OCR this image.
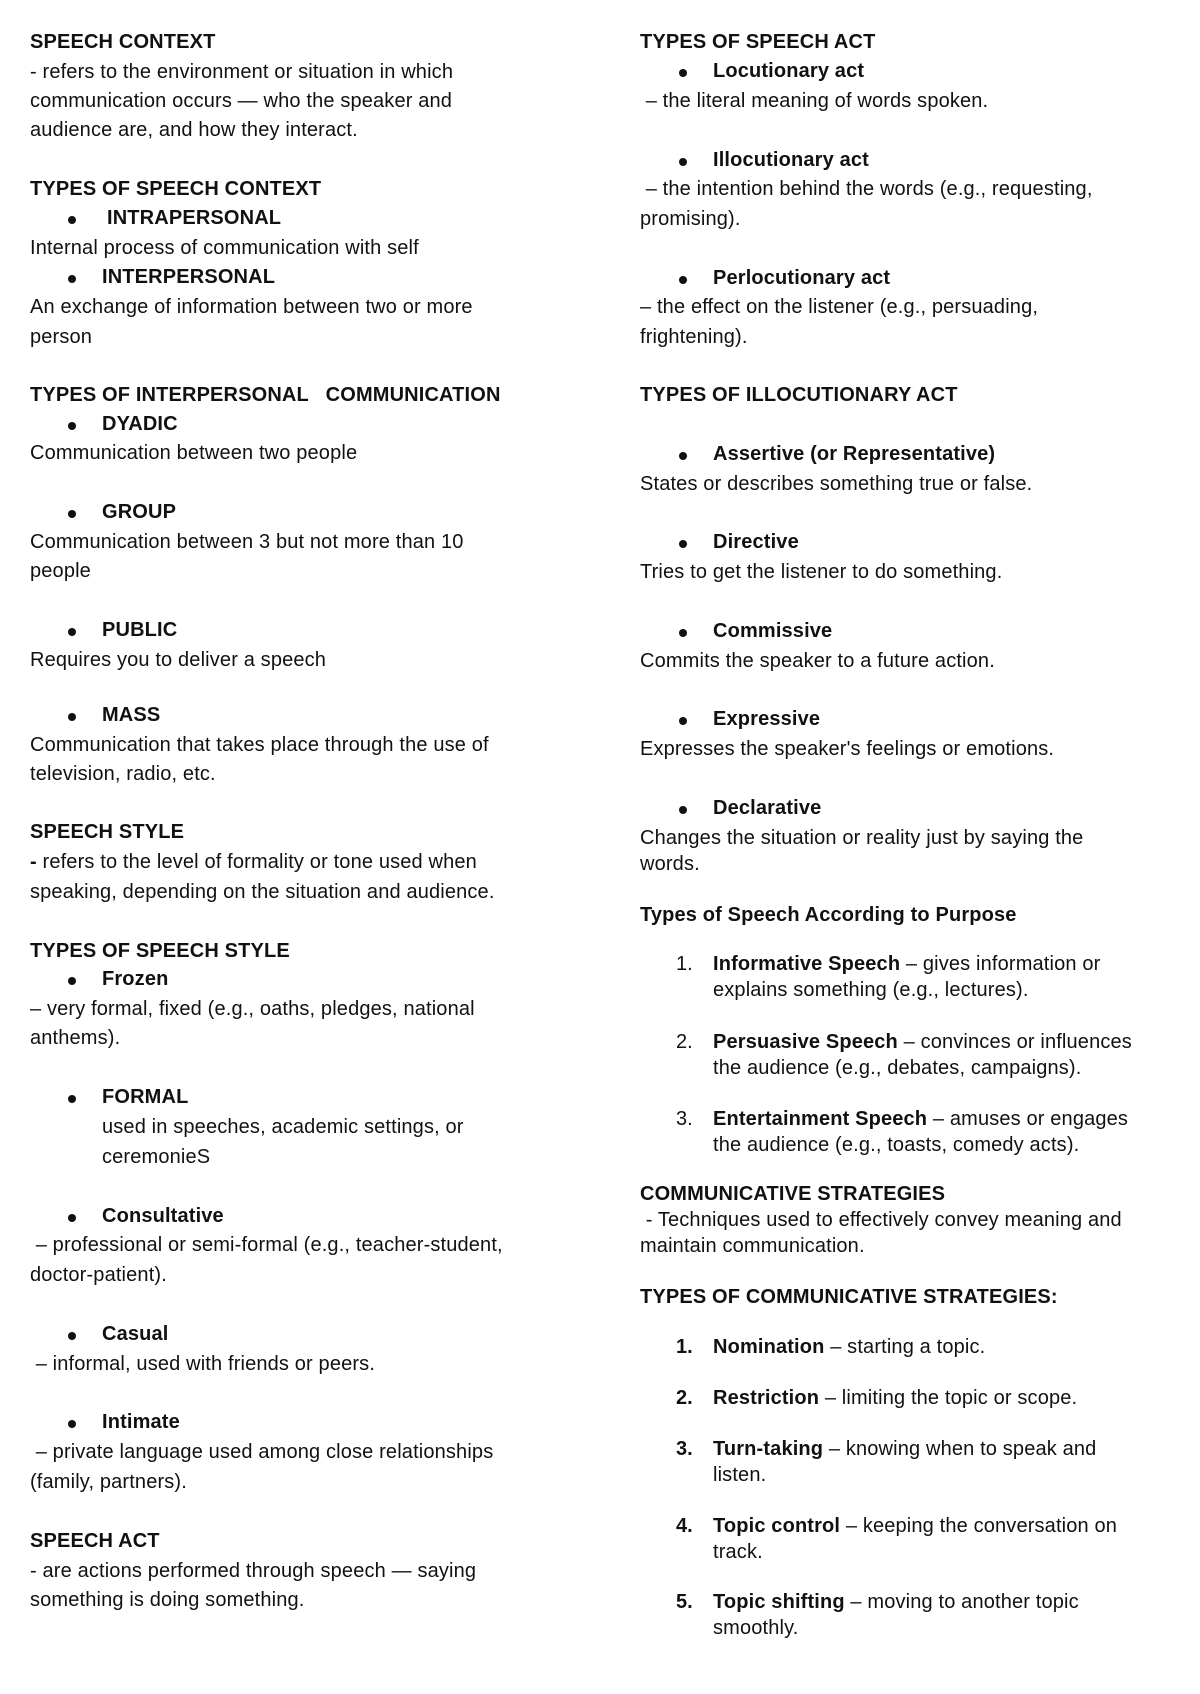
SPEECH CONTEXT
- refers to the environment or situation in which
communication occurs — who the speaker and
audience are, and how they interact.
TYPES OF SPEECH CONTEXT
INTRAPERSONAL
Internal process of communication with self
INTERPERSONAL
An exchange of information between two or more
person
TYPES OF INTERPERSONAL   COMMUNICATION
DYADIC
Communication between two people
GROUP
Communication between 3 but not more than 10
people
PUBLIC
Requires you to deliver a speech
MASS
Communication that takes place through the use of
television, radio, etc.
SPEECH STYLE
- refers to the level of formality or tone used when
speaking, depending on the situation and audience.
TYPES OF SPEECH STYLE
Frozen
– very formal, fixed (e.g., oaths, pledges, national
anthems).
FORMAL
used in speeches, academic settings, or
ceremonieS
Consultative
– professional or semi-formal (e.g., teacher-student,
doctor-patient).
Casual
– informal, used with friends or peers.
Intimate
– private language used among close relationships
(family, partners).
SPEECH ACT
- are actions performed through speech — saying
something is doing something.
TYPES OF SPEECH ACT
Locutionary act
– the literal meaning of words spoken.
Illocutionary act
– the intention behind the words (e.g., requesting,
promising).
Perlocutionary act
– the effect on the listener (e.g., persuading,
frightening).
TYPES OF ILLOCUTIONARY ACT
Assertive (or Representative)
States or describes something true or false.
Directive
Tries to get the listener to do something.
Commissive
Commits the speaker to a future action.
Expressive
Expresses the speaker's feelings or emotions.
Declarative
Changes the situation or reality just by saying the
words.
Types of Speech According to Purpose
1. Informative Speech – gives information or
explains something (e.g., lectures).
2. Persuasive Speech – convinces or influences
the audience (e.g., debates, campaigns).
3. Entertainment Speech – amuses or engages
the audience (e.g., toasts, comedy acts).
COMMUNICATIVE STRATEGIES
- Techniques used to effectively convey meaning and
maintain communication.
TYPES OF COMMUNICATIVE STRATEGIES:
1. Nomination – starting a topic.
2. Restriction – limiting the topic or scope.
3. Turn-taking – knowing when to speak and
listen.
4. Topic control – keeping the conversation on
track.
5. Topic shifting – moving to another topic
smoothly.
